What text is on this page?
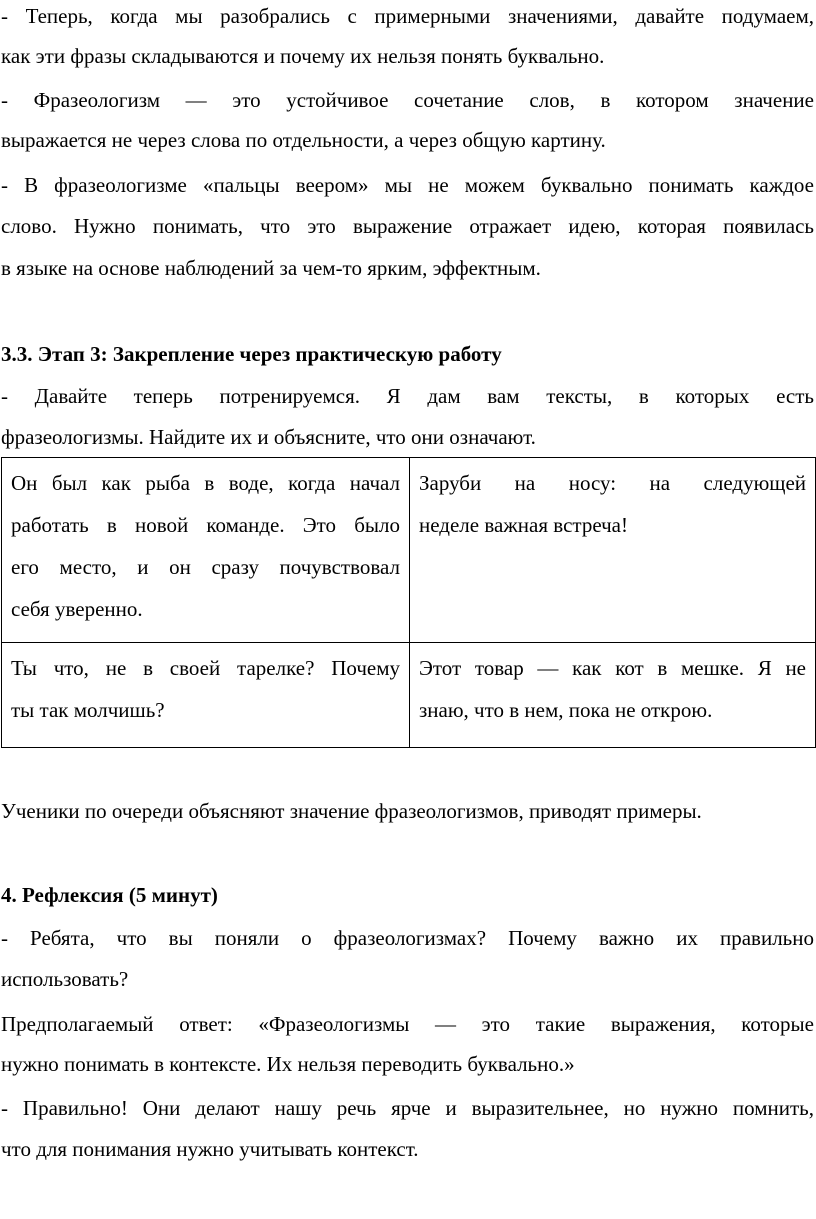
- Теперь, когда мы разобрались с примерными значениями, давайте подумаем,
как эти фразы складываются и почему их нельзя понять буквально.
- Фразеологизм — это устойчивое сочетание слов, в котором значение
выражается не через слова по отдельности, а через общую картину.
- В фразеологизме «пальцы веером» мы не можем буквально понимать каждое
слово. Нужно понимать, что это выражение отражает идею, которая появилась
в языке на основе наблюдений за чем-то ярким, эффектным.
3.3. Этап 3: Закрепление через практическую работу
- Давайте теперь потренируемся. Я дам вам тексты, в которых есть
фразеологизмы. Найдите их и объясните, что они означают.
Он был как рыба в воде, когда начал
работать в новой команде. Это было
его место, и он сразу почувствовал
себя уверенно.	Заруби на носу: на следующей
неделе важная встреча!

Ты что, не в своей тарелке? Почему
ты так молчишь?	Этот товар — как кот в мешке. Я не
знаю, что в нем, пока не открою.
Ученики по очереди объясняют значение фразеологизмов, приводят примеры.
4. Рефлексия (5 минут)
- Ребята, что вы поняли о фразеологизмах? Почему важно их правильно
использовать?
Предполагаемый ответ: «Фразеологизмы — это такие выражения, которые
нужно понимать в контексте. Их нельзя переводить буквально.»
- Правильно! Они делают нашу речь ярче и выразительнее, но нужно помнить,
что для понимания нужно учитывать контекст.
